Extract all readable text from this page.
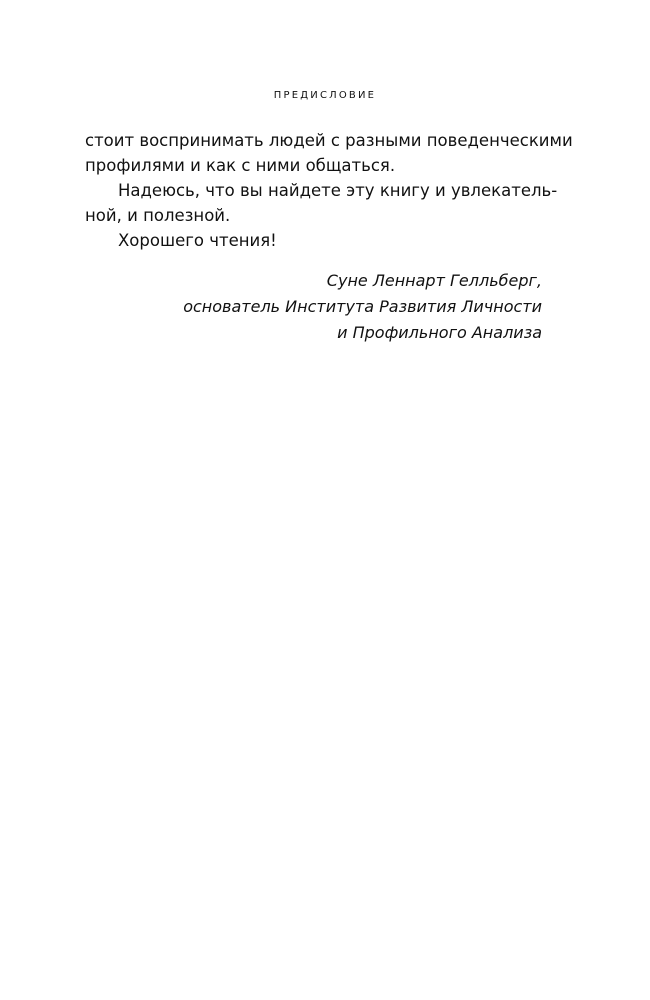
ПРЕДИСЛОВИЕ

стоит воспринимать людей с разными поведенческими
профилями и как с ними общаться.

Надеюсь, что вы найдете эту книгу и увлекатель-
ной, и полезной.

Хорошего чтения!

Суне Леннарт Гелльберг,
основатель Института Развития Личности
и Профильного Анализа
